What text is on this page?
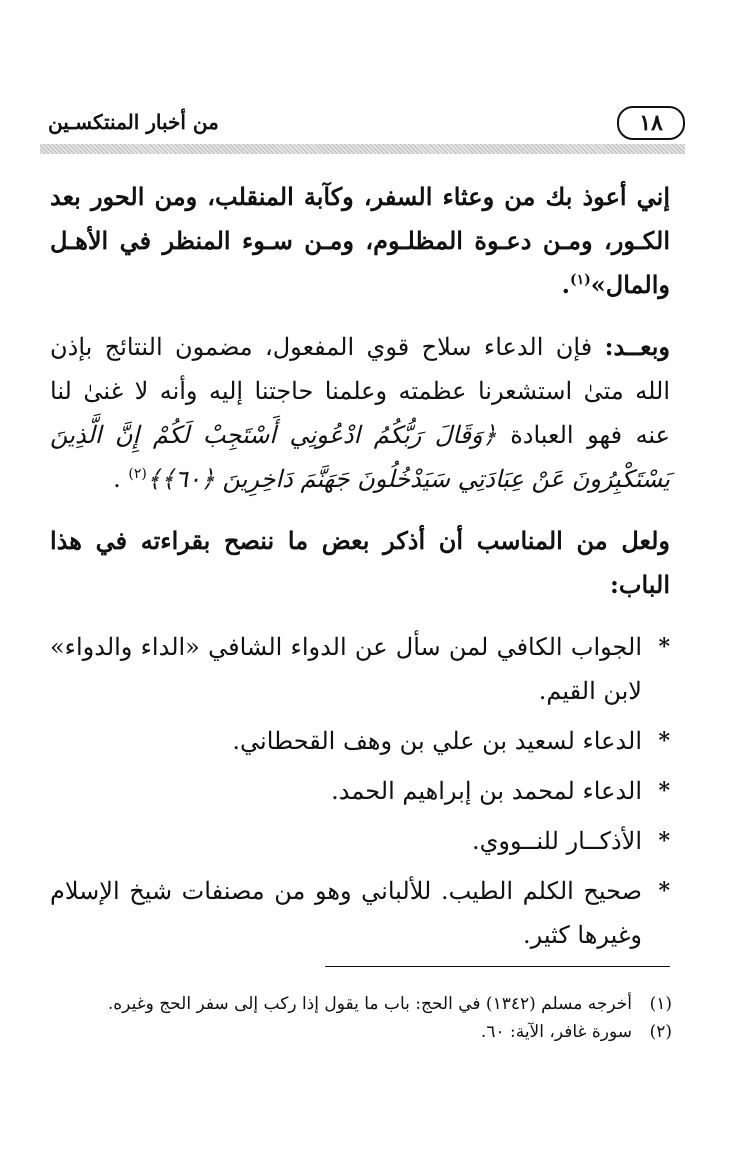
١٨
من أخبار المنتكسـين

إني أعوذ بك من وعثاء السفر، وكآبة المنقلب، ومن الحور بعد الكـور، ومـن دعـوة المظلـوم، ومـن سـوء المنظر في الأهـل والمال»$^{(١)}$.

وبعــد: فإن الدعاء سلاح قوي المفعول، مضمون النتائج بإذن الله متىٰ استشعرنا عظمته وعلمنا حاجتنا إليه وأنه لا غنىٰ لنا عنه فهو العبادة ﴿وَقَالَ رَبُّكُمُ ادْعُونِي أَسْتَجِبْ لَكُمْ إِنَّ الَّذِينَ يَسْتَكْبِرُونَ عَنْ عِبَادَتِي سَيَدْخُلُونَ جَهَنَّمَ دَاخِرِينَ ﴿٦٠﴾﴾$^{(٢)}$ .

ولعل من المناسب أن أذكر بعض ما ننصح بقراءته في هذا الباب:

*
الجواب الكافي لمن سأل عن الدواء الشافي «الداء والدواء» لابن القيم.
*
الدعاء لسعيد بن علي بن وهف القحطاني.
*
الدعاء لمحمد بن إبراهيم الحمد.
*
الأذكــار للنــووي.
*
صحيح الكلم الطيب. للألباني وهو من مصنفات شيخ الإسلام وغيرها كثير.
(١)
أخرجه مسلم (١٣٤٢) في الحج: باب ما يقول إذا ركب إلى سفر الحج وغيره.
(٢)
سورة غافر، الآية: ٦٠.
